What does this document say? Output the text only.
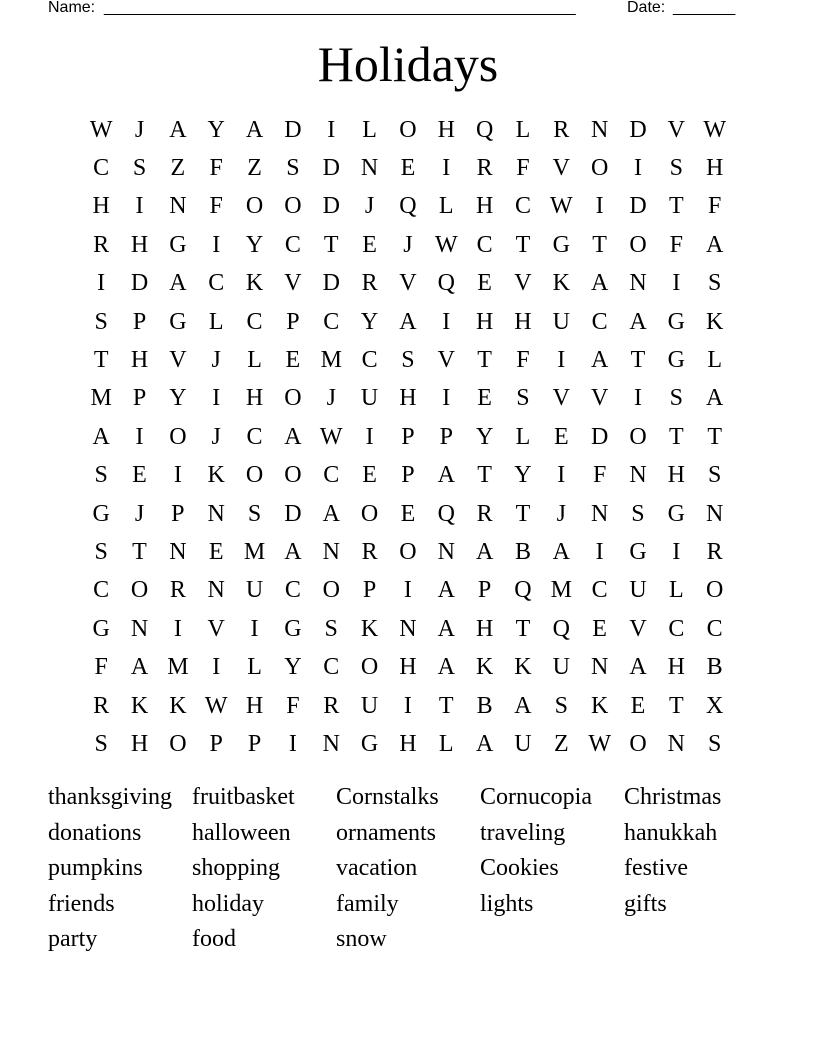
Name: _____________________________________________________	Date: _______
Holidays
W J	A Y A D	I	L O H Q L R N D V W
C S	Z	F	Z	S D N E	I	R F V O	I	S H
H	I	N F O O D	J	Q L H C W I	D T	F
R H G	I	Y C T E	J W C T G T O F A
I	D A C K V D R V Q E V K A N	I	S
S	P G L C P C Y A	I	H H U C A G K
T H V	J	L E M C S V T	F	I	A T G L
M P Y	I	H O	J	U H	I	E	S V V	I	S A
A	I	O	J	C A W I	P	P Y L E D O T T
S	E	I	K O O C E	P A T Y	I	F N H S
G	J	P N S D A O E Q R T	J	N S G N
S	T N E M A N R O N A B A	I	G	I	R
C O R N U C O P	I	A P Q M C U L O
G N	I	V	I	G S K N A H T Q E V C C
F A M I	L Y C O H A K K U N A H B
R K K W H F R U	I	T B A S K E T X
S H O P	P	I	N G H L A U Z W O N S
thanksgiving fruitbasket	Cornstalks	Cornucopia	Christmas
donations	halloween	ornaments	traveling	hanukkah
pumpkins	shopping	vacation	Cookies	festive
friends	holiday	family	lights	gifts
party	food	snow
